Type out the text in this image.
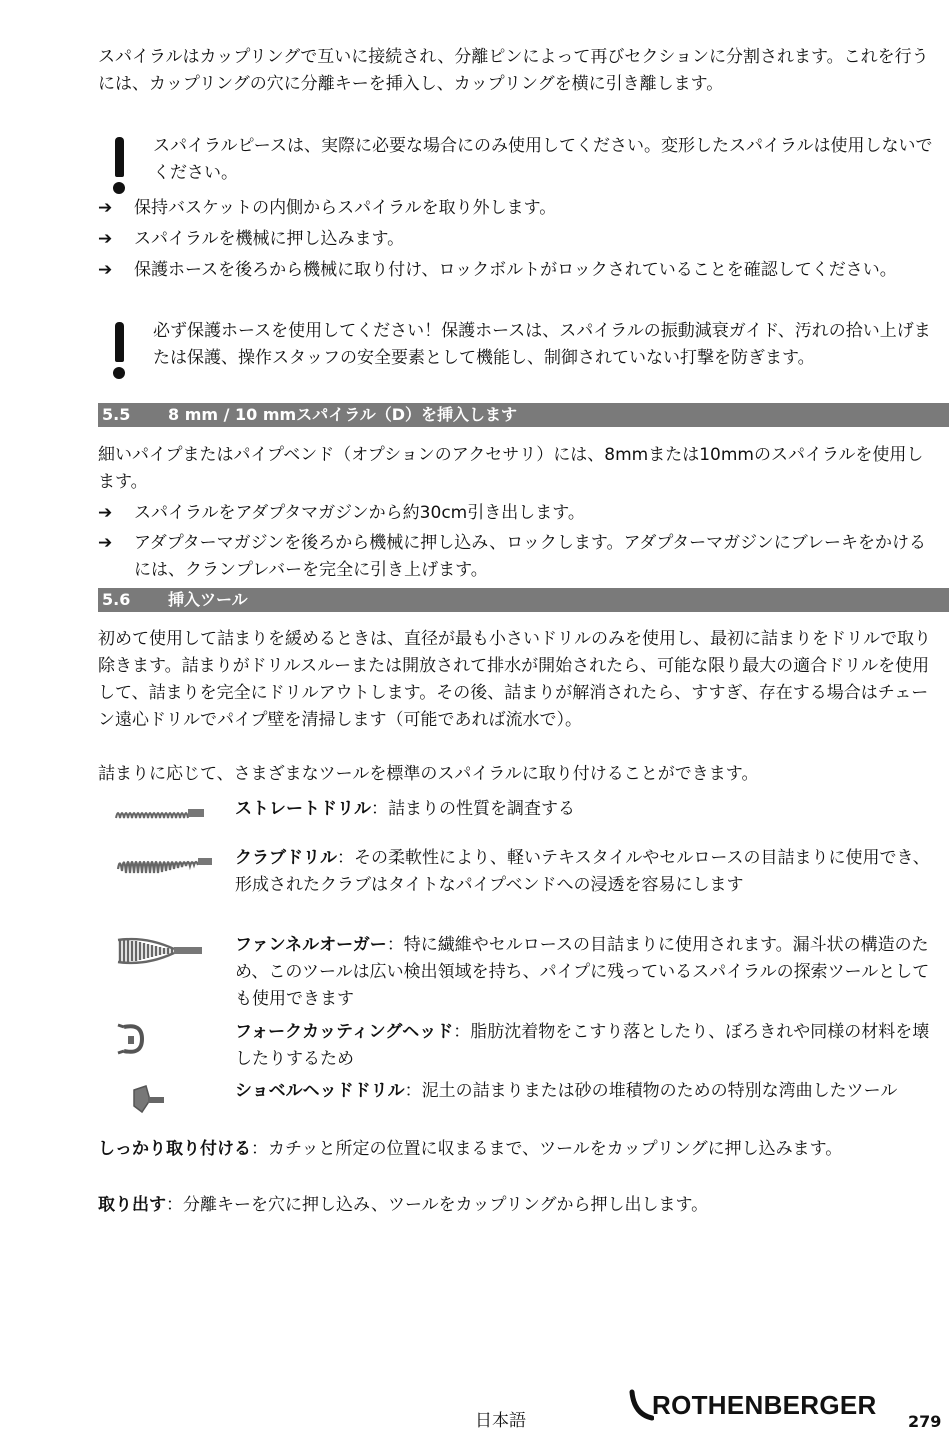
スパイラルはカップリングで互いに接続され、分離ピンによって再びセクションに分割されます。これを行うには、カップリングの穴に分離キーを挿入し、カップリングを横に引き離します。

スパイラルピースは、実際に必要な場合にのみ使用してください。変形したスパイラルは使用しないでください。
➔ 保持バスケットの内側からスパイラルを取り外します。
➔ スパイラルを機械に押し込みます。
➔ 保護ホースを後ろから機械に取り付け、ロックボルトがロックされていることを確認してください。
必ず保護ホースを使用してください！保護ホースは、スパイラルの振動減衰ガイド、汚れの拾い上げまたは保護、操作スタッフの安全要素として機能し、制御されていない打撃を防ぎます。
5.5 8 mm / 10 mmスパイラル（D）を挿入します

細いパイプまたはパイプベンド（オプションのアクセサリ）には、8mmまたは10mmのスパイラルを使用します。

➔ スパイラルをアダプタマガジンから約30cm引き出します。
➔ アダプターマガジンを後ろから機械に押し込み、ロックします。アダプターマガジンにブレーキをかけるには、クランプレバーを完全に引き上げます。
5.6 挿入ツール

初めて使用して詰まりを緩めるときは、直径が最も小さいドリルのみを使用し、最初に詰まりをドリルで取り除きます。詰まりがドリルスルーまたは開放されて排水が開始されたら、可能な限り最大の適合ドリルを使用して、詰まりを完全にドリルアウトします。その後、詰まりが解消されたら、すすぎ、存在する場合はチェーン遠心ドリルでパイプ壁を清掃します（可能であれば流水で）。

詰まりに応じて、さまざまなツールを標準のスパイラルに取り付けることができます。

ストレートドリル：詰まりの性質を調査する
クラブドリル：その柔軟性により、軽いテキスタイルやセルロースの目詰まりに使用でき、形成されたクラブはタイトなパイプベンドへの浸透を容易にします
ファンネルオーガー：特に繊維やセルロースの目詰まりに使用されます。漏斗状の構造のため、このツールは広い検出領域を持ち、パイプに残っているスパイラルの探索ツールとしても使用できます
フォークカッティングヘッド：脂肪沈着物をこすり落としたり、ぼろきれや同様の材料を壊したりするため
ショベルヘッドドリル：泥土の詰まりまたは砂の堆積物のための特別な湾曲したツール

しっかり取り付ける：カチッと所定の位置に収まるまで、ツールをカップリングに押し込みます。

取り出す：分離キーを穴に押し込み、ツールをカップリングから押し出します。

日本語
ROTHENBERGER
279
